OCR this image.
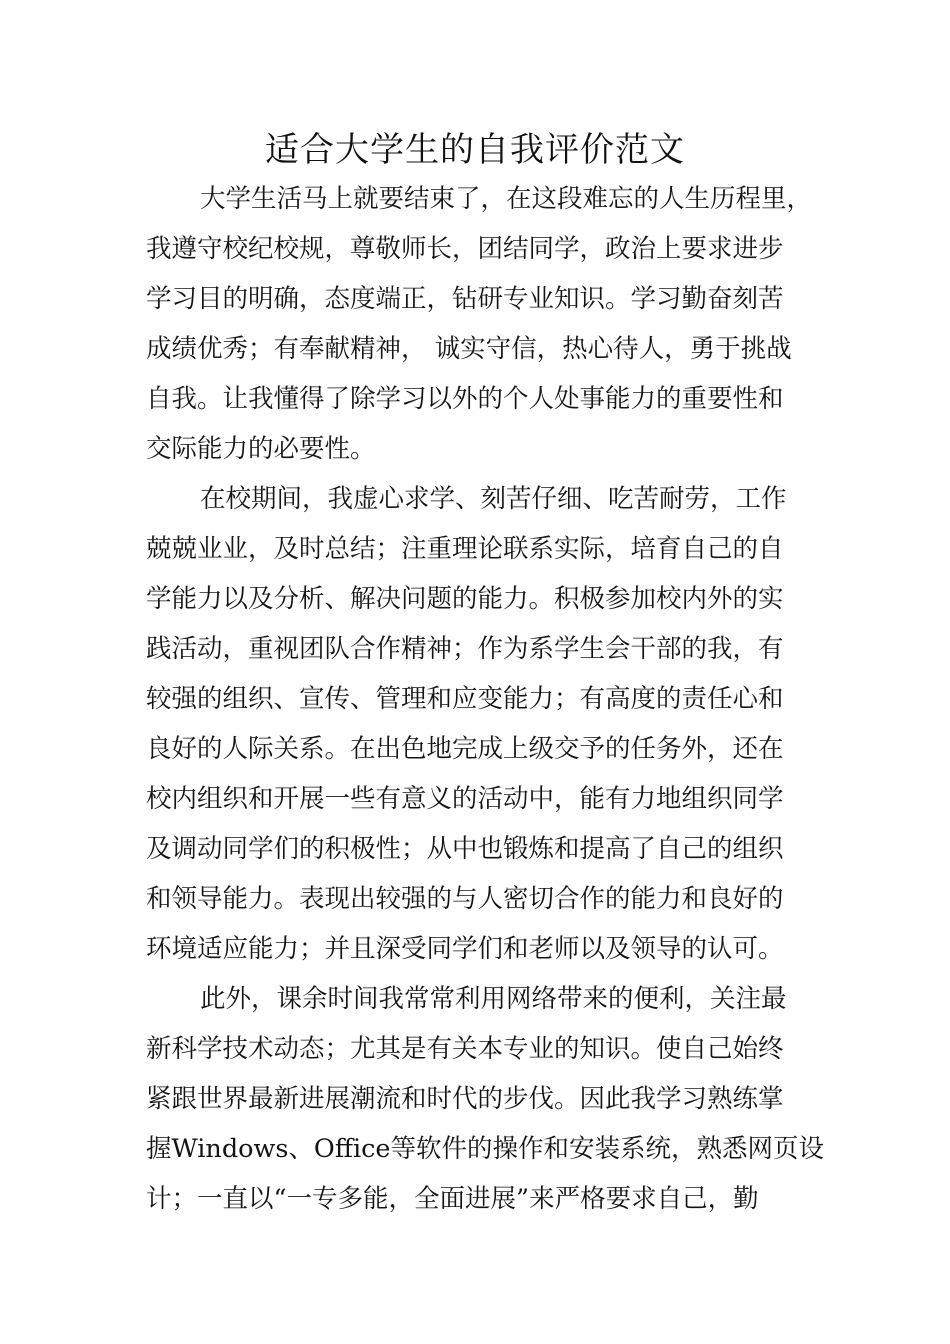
适合大学生的自我评价范文
大学生活马上就要结束了，在这段难忘的人生历程里，
我遵守校纪校规，尊敬师长，团结同学，政治上要求进步
学习目的明确，态度端正，钻研专业知识。学习勤奋刻苦
成绩优秀；有奉献精神， 诚实守信，热心待人，勇于挑战
自我。让我懂得了除学习以外的个人处事能力的重要性和
交际能力的必要性。
在校期间，我虚心求学、刻苦仔细、吃苦耐劳，工作
兢兢业业，及时总结；注重理论联系实际，培育自己的自
学能力以及分析、解决问题的能力。积极参加校内外的实
践活动，重视团队合作精神；作为系学生会干部的我，有
较强的组织、宣传、管理和应变能力；有高度的责任心和
良好的人际关系。在出色地完成上级交予的任务外，还在
校内组织和开展一些有意义的活动中，能有力地组织同学
及调动同学们的积极性；从中也锻炼和提高了自己的组织
和领导能力。表现出较强的与人密切合作的能力和良好的
环境适应能力；并且深受同学们和老师以及领导的认可。
此外，课余时间我常常利用网络带来的便利，关注最
新科学技术动态；尤其是有关本专业的知识。使自己始终
紧跟世界最新进展潮流和时代的步伐。因此我学习熟练掌
握Windows、Office等软件的操作和安装系统，熟悉网页设
计；一直以“一专多能，全面进展”来严格要求自己，勤
